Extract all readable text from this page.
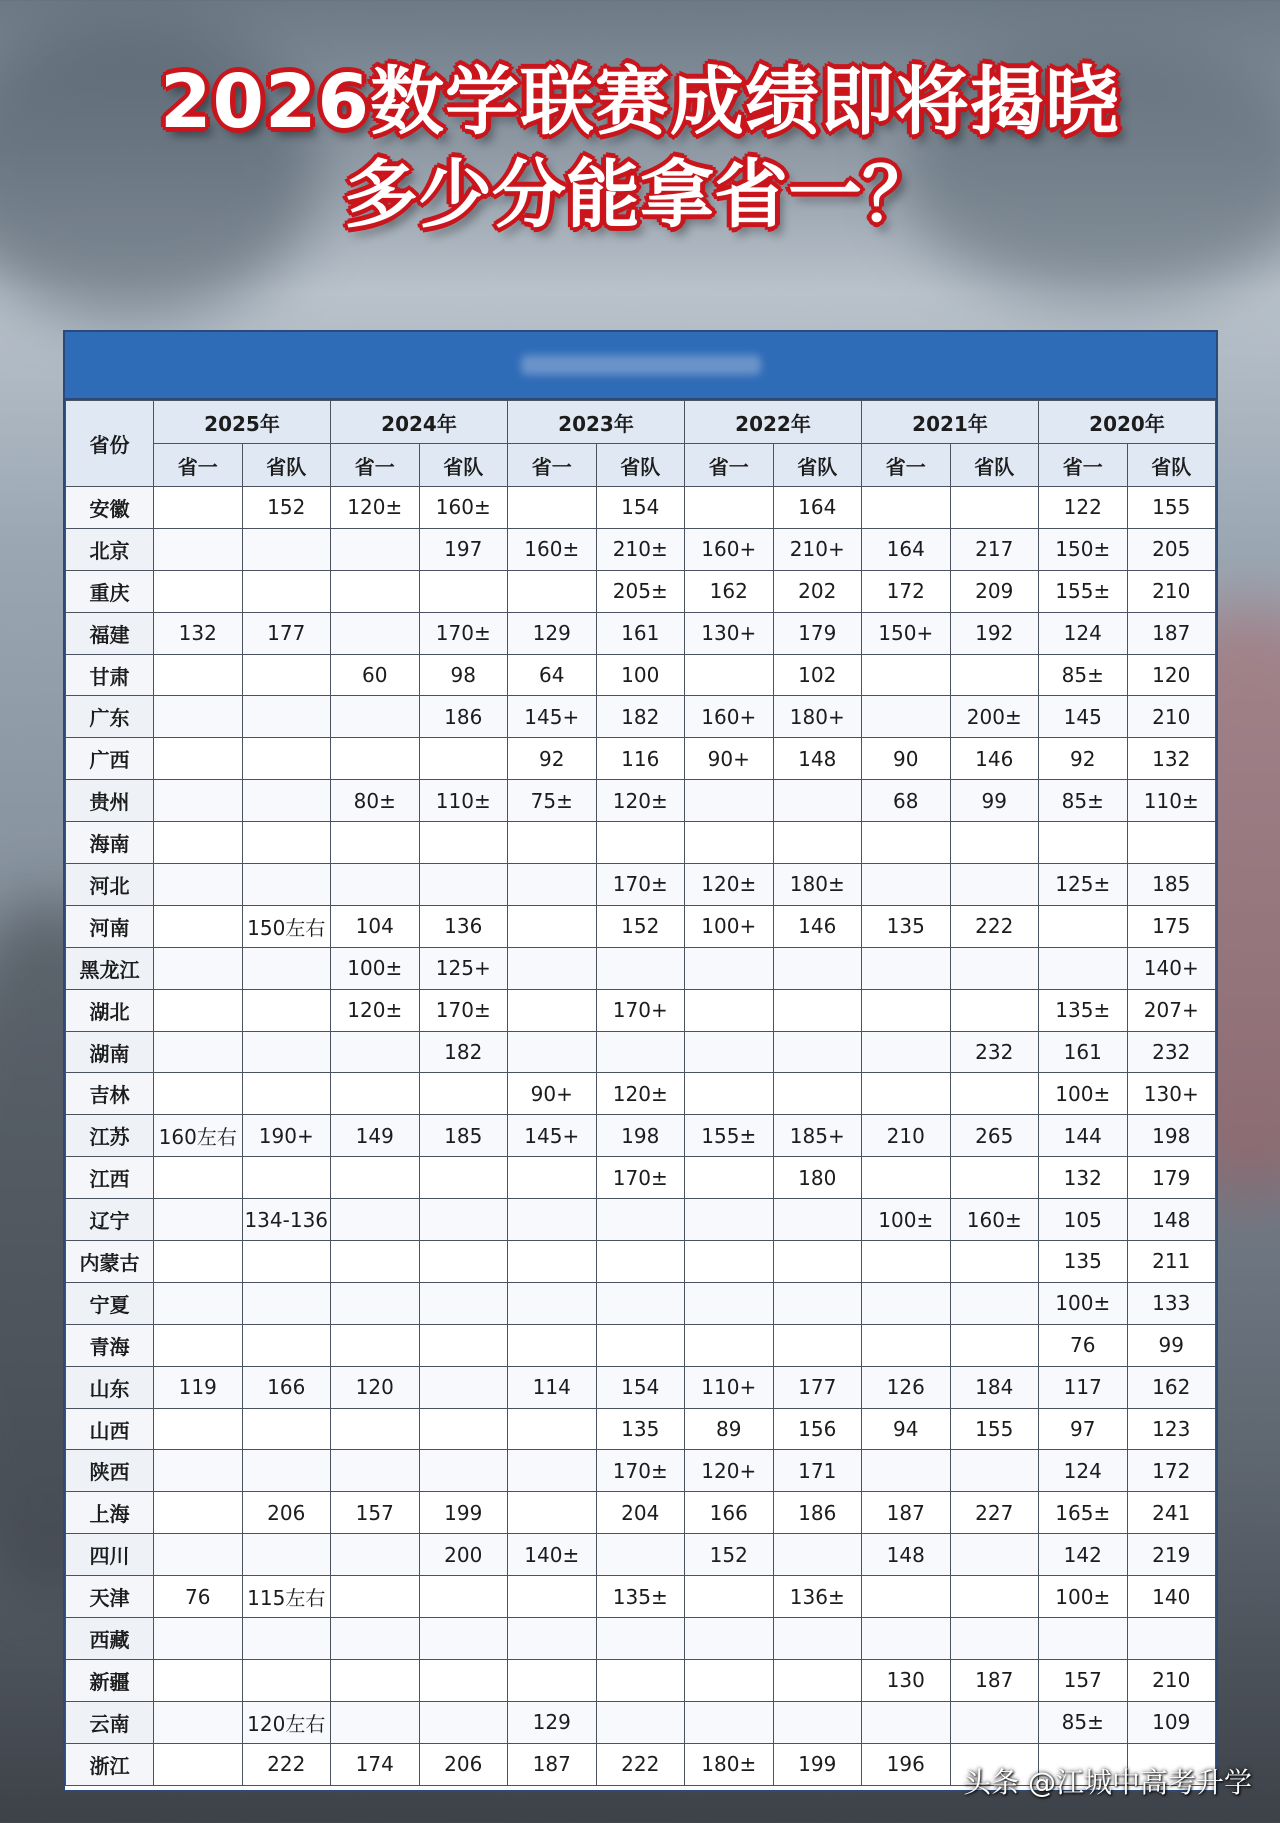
2026数学联赛成绩即将揭晓
多少分能拿省一？
省份	2025年		2024年		2023年		2022年		2021年		2020年	
	省一	省队	省一	省队	省一	省队	省一	省队	省一	省队	省一	省队
安徽		152	120±	160±		154		164			122	155
北京				197	160±	210±	160+	210+	164	217	150±	205
重庆						205±	162	202	172	209	155±	210
福建	132	177		170±	129	161	130+	179	150+	192	124	187
甘肃			60	98	64	100		102			85±	120
广东				186	145+	182	160+	180+		200±	145	210
广西					92	116	90+	148	90	146	92	132
贵州			80±	110±	75±	120±			68	99	85±	110±
海南												
河北						170±	120±	180±			125±	185
河南		150左右	104	136		152	100+	146	135	222		175
黑龙江			100±	125+								140+
湖北			120±	170±		170+					135±	207+
湖南				182						232	161	232
吉林					90+	120±					100±	130+
江苏	160左右	190+	149	185	145+	198	155±	185+	210	265	144	198
江西						170±		180			132	179
辽宁		134-136							100±	160±	105	148
内蒙古											135	211
宁夏											100±	133
青海											76	99
山东	119	166	120		114	154	110+	177	126	184	117	162
山西						135	89	156	94	155	97	123
陕西						170±	120+	171			124	172
上海		206	157	199		204	166	186	187	227	165±	241
四川				200	140±		152		148		142	219
天津	76	115左右				135±		136±			100±	140
西藏												
新疆									130	187	157	210
云南		120左右			129						85±	109
浙江		222	174	206	187	222	180±	199	196			
头条 @江城中高考升学
